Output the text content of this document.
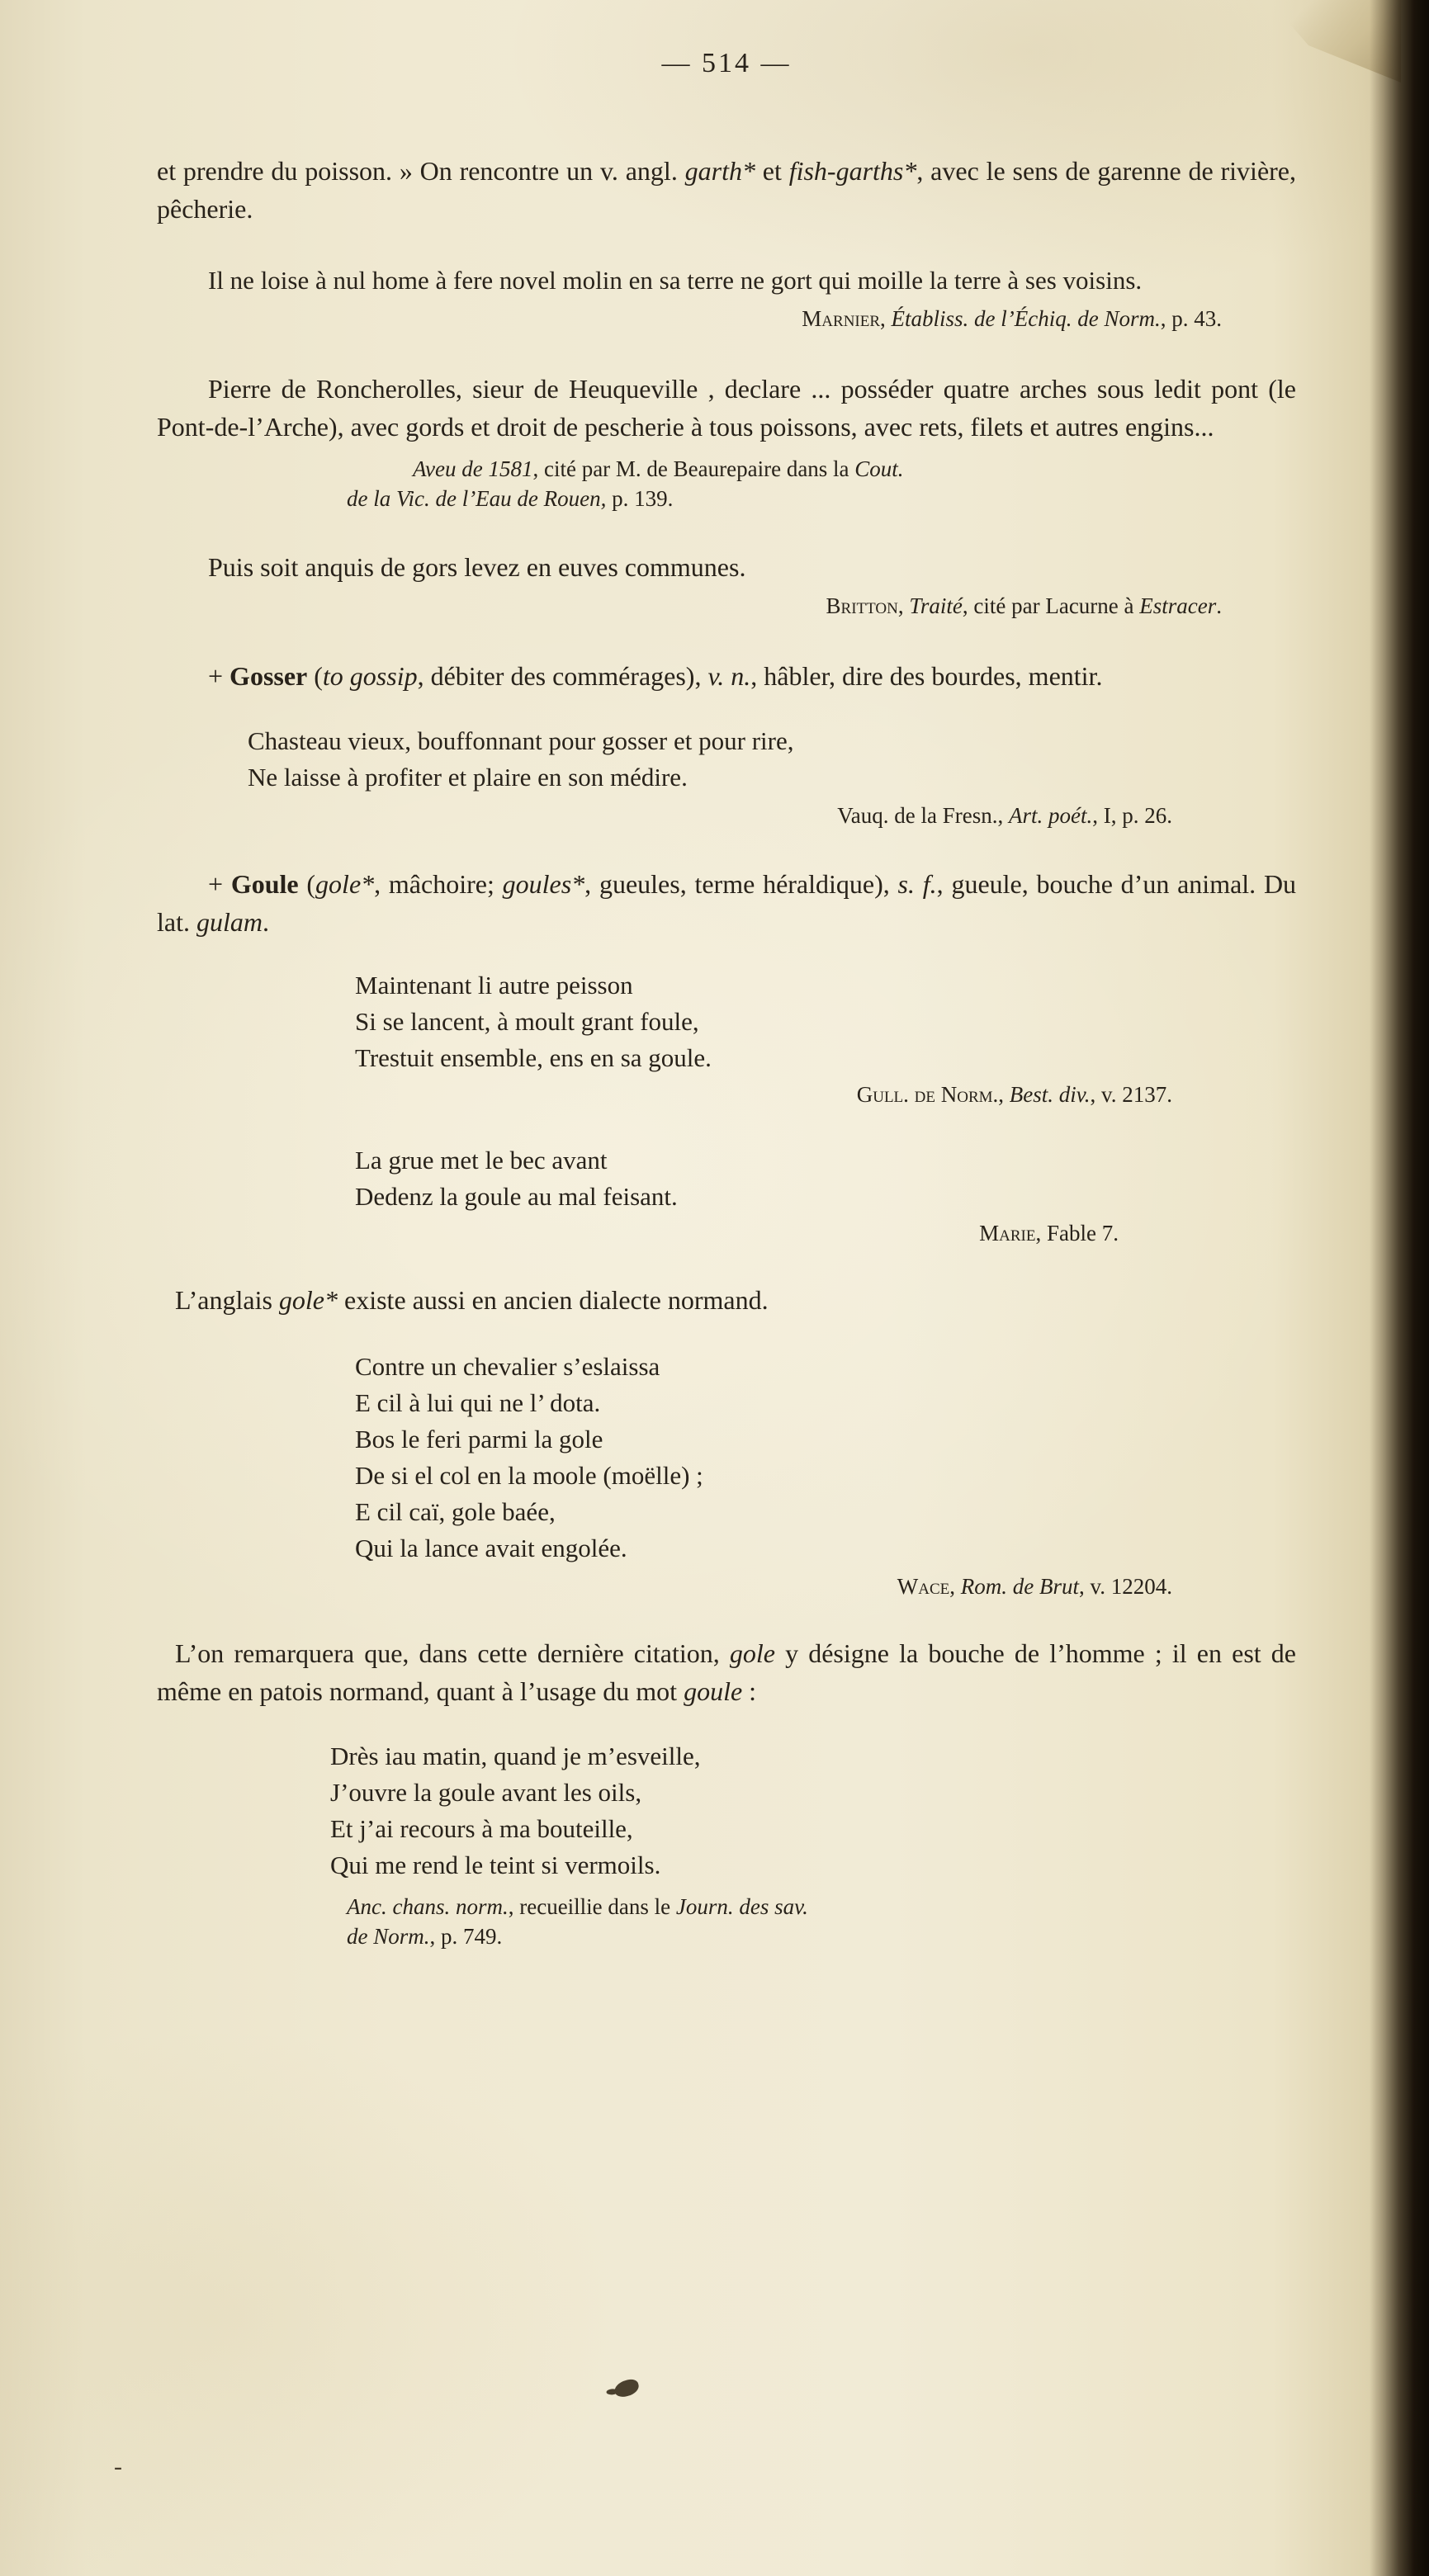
— 514 —

et prendre du poisson. » On rencontre un v. angl. garth* et fish-garths*, avec le sens de garenne de rivière, pêcherie.

Il ne loise à nul home à fere novel molin en sa terre ne gort qui moille la terre à ses voisins.

Marnier, Établiss. de l’Échiq. de Norm., p. 43.

Pierre de Roncherolles, sieur de Heuqueville , declare ... posséder quatre arches sous ledit pont (le Pont-de-l’Arche), avec gords et droit de pescherie à tous poissons, avec rets, filets et autres engins...

Aveu de 1581, cité par M. de Beaurepaire dans la Cout.
de la Vic. de l’Eau de Rouen, p. 139.

Puis soit anquis de gors levez en euves communes.

Britton, Traité, cité par Lacurne à Estracer.

+ Gosser (to gossip, débiter des commérages), v. n., hâbler, dire des bourdes, mentir.

Chasteau vieux, bouffonnant pour gosser et pour rire,
Ne laisse à profiter et plaire en son médire.
Vauq. de la Fresn., Art. poét., I, p. 26.

+ Goule (gole*, mâchoire; goules*, gueules, terme héraldique), s. f., gueule, bouche d’un animal. Du lat. gulam.

Maintenant li autre peisson
Si se lancent, à moult grant foule,
Trestuit ensemble, ens en sa goule.
Gull. de Norm., Best. div., v. 2137.
La grue met le bec avant
Dedenz la goule au mal feisant.
Marie, Fable 7.

L’anglais gole* existe aussi en ancien dialecte normand.

Contre un chevalier s’eslaissa
E cil à lui qui ne l’ dota.
Bos le feri parmi la gole
De si el col en la moole (moëlle) ;
E cil caï, gole baée,
Qui la lance avait engolée.
Wace, Rom. de Brut, v. 12204.

L’on remarquera que, dans cette dernière citation, gole y désigne la bouche de l’homme ; il en est de même en patois normand, quant à l’usage du mot goule :

Drès iau matin, quand je m’esveille,
J’ouvre la goule avant les oils,
Et j’ai recours à ma bouteille,
Qui me rend le teint si vermoils.
Anc. chans. norm., recueillie dans le Journ. des sav.
de Norm., p. 749.
-
